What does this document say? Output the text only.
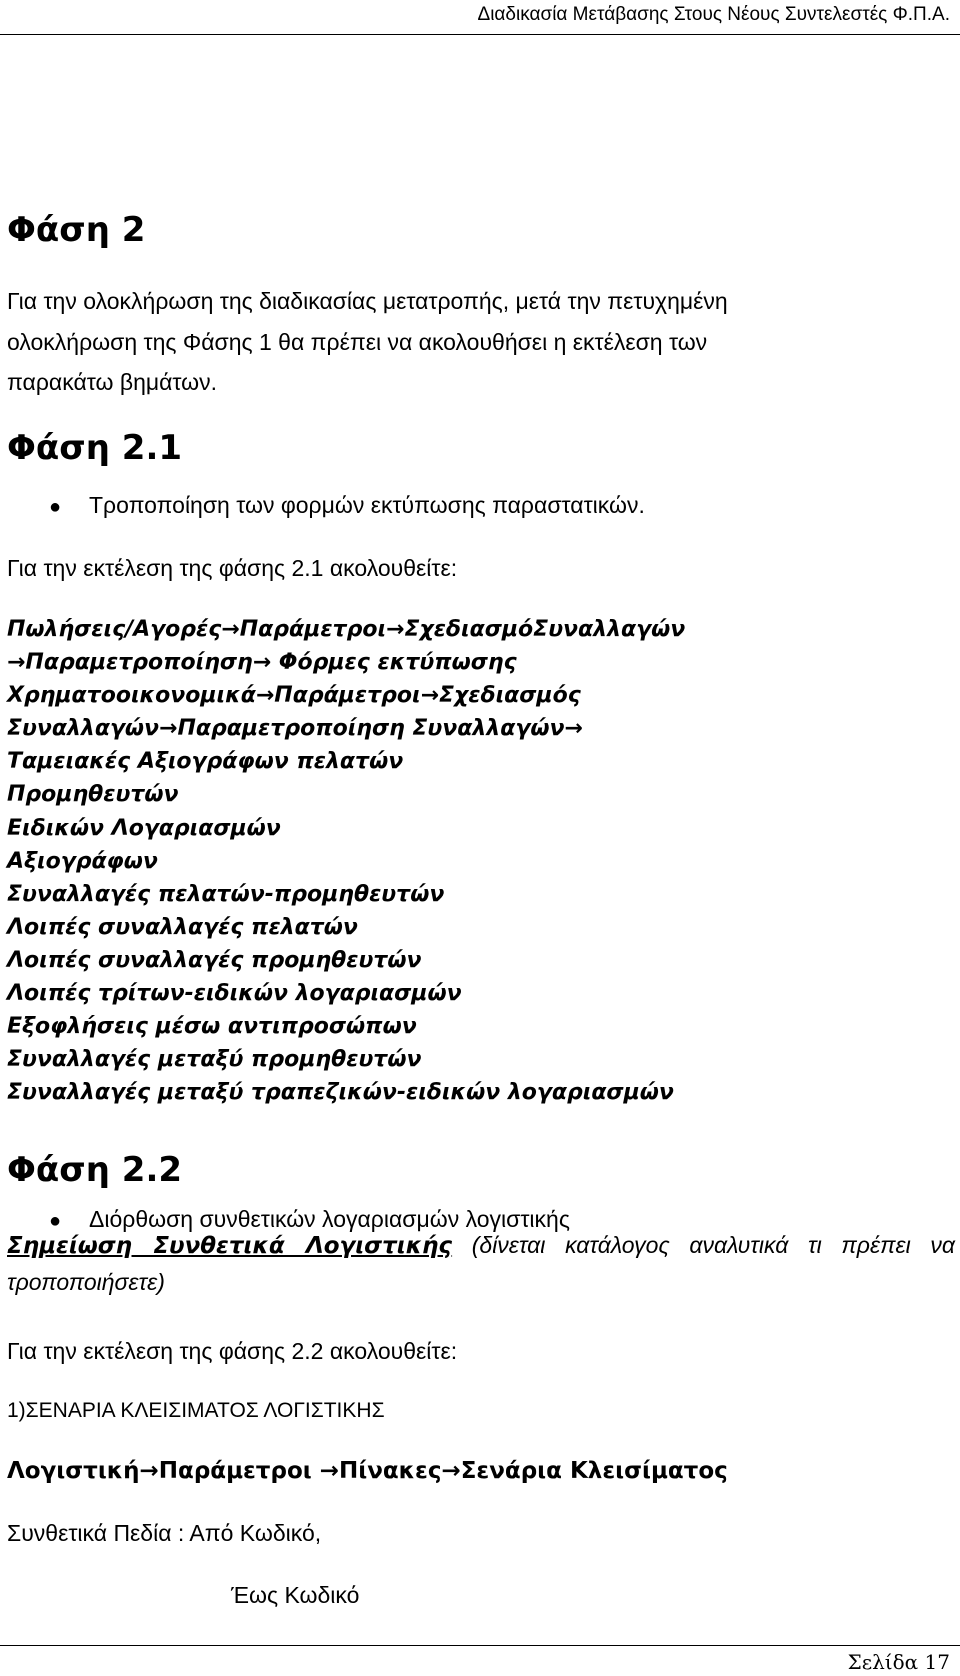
Διαδικασία Μετάβασης Στους Νέους Συντελεστές Φ.Π.Α.
Φάση 2
Για την ολοκλήρωση της διαδικασίας μετατροπής, μετά την πετυχημένη
ολοκλήρωση της Φάσης 1 θα πρέπει να ακολουθήσει η εκτέλεση των
παρακάτω βημάτων.
Φάση 2.1
● Τροποποίηση των φορμών εκτύπωσης παραστατικών.
Για την εκτέλεση της φάσης 2.1 ακολουθείτε:
Πωλήσεις/Αγορές→Παράμετροι→ΣχεδιασμόΣυναλλαγών
→Παραμετροποίηση→ Φόρμες εκτύπωσης
Χρηματοοικονομικά→Παράμετροι→Σχεδιασμός
Συναλλαγών→Παραμετροποίηση Συναλλαγών→
Ταμειακές Αξιογράφων πελατών
Προμηθευτών
Ειδικών Λογαριασμών
Αξιογράφων
Συναλλαγές πελατών-προμηθευτών
Λοιπές συναλλαγές πελατών
Λοιπές συναλλαγές προμηθευτών
Λοιπές τρίτων-ειδικών λογαριασμών
Εξοφλήσεις μέσω αντιπροσώπων
Συναλλαγές μεταξύ προμηθευτών
Συναλλαγές μεταξύ τραπεζικών-ειδικών λογαριασμών
Φάση 2.2
● Διόρθωση συνθετικών λογαριασμών λογιστικής
Σημείωση Συνθετικά Λογιστικής (δίνεται κατάλογος αναλυτικά τι πρέπει να τροποποιήσετε)
Για την εκτέλεση της φάσης 2.2 ακολουθείτε:
1)ΣΕΝΑΡΙΑ ΚΛΕΙΣΙΜΑΤΟΣ ΛΟΓΙΣΤΙΚΗΣ
Λογιστική→Παράμετροι →Πίνακες→Σενάρια Κλεισίματος
Συνθετικά Πεδία : Από Κωδικό,
Έως Κωδικό
Σελίδα 17
